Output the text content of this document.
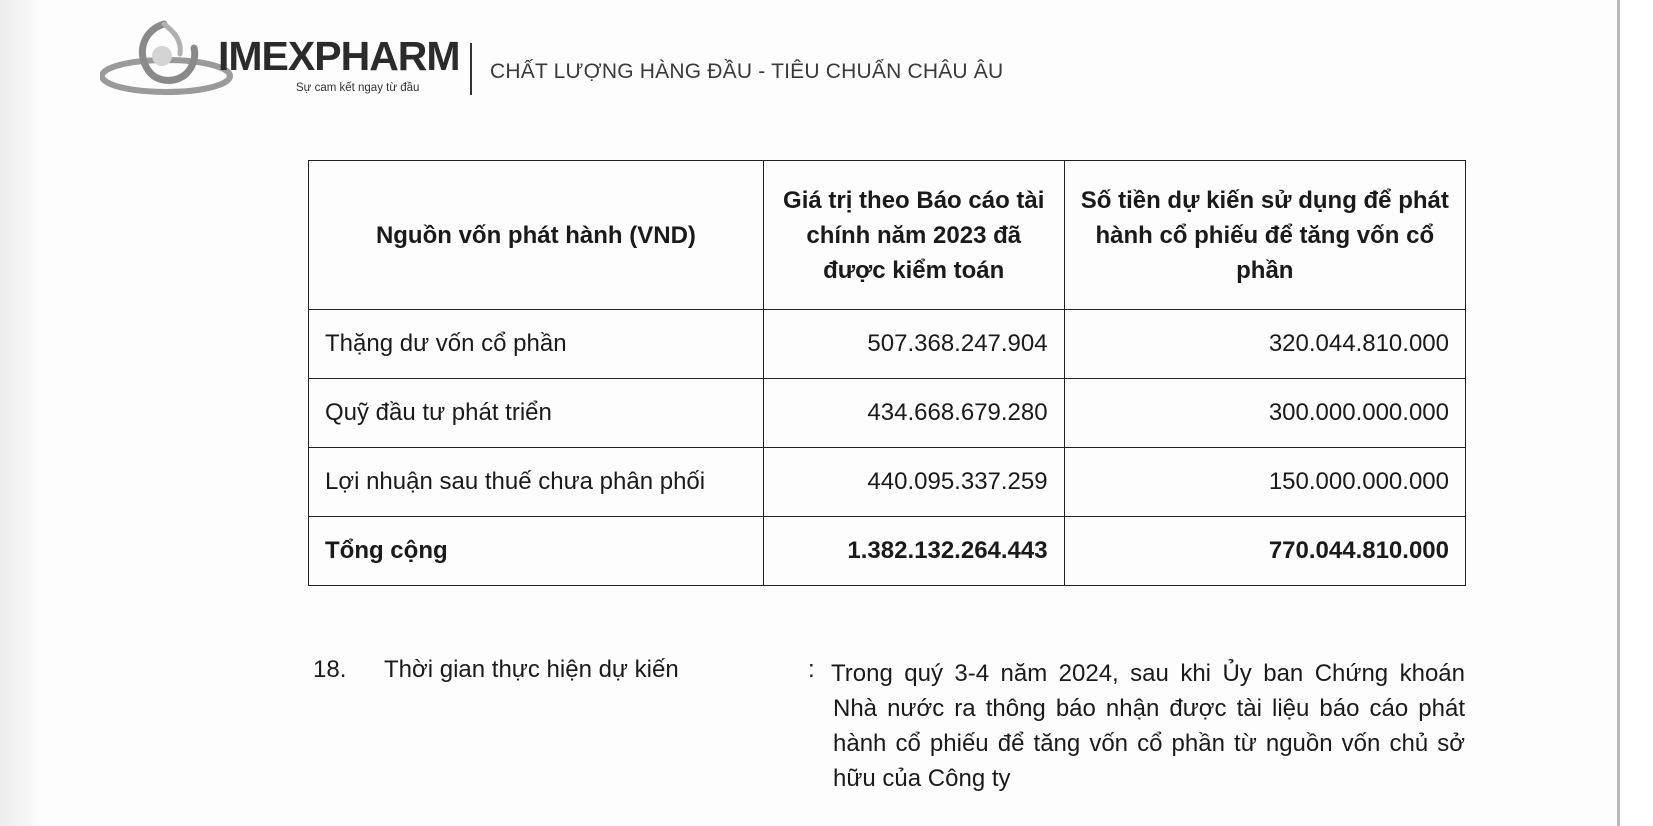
IMEXPHARM
Sự cam kết ngay từ đầu
CHẤT LƯỢNG HÀNG ĐẦU - TIÊU CHUẨN CHÂU ÂU
Nguồn vốn phát hành (VND)	Giá trị theo Báo cáo tài chính năm 2023 đã được kiểm toán	Số tiền dự kiến sử dụng để phát hành cổ phiếu để tăng vốn cổ phần
Thặng dư vốn cổ phần	507.368.247.904	320.044.810.000
Quỹ đầu tư phát triển	434.668.679.280	300.000.000.000
Lợi nhuận sau thuế chưa phân phối	440.095.337.259	150.000.000.000
Tổng cộng	1.382.132.264.443	770.044.810.000
18. Thời gian thực hiện dự kiến	: Trong quý 3-4 năm 2024, sau khi Ủy ban Chứng khoán Nhà nước ra thông báo nhận được tài liệu báo cáo phát hành cổ phiếu để tăng vốn cổ phần từ nguồn vốn chủ sở hữu của Công ty
